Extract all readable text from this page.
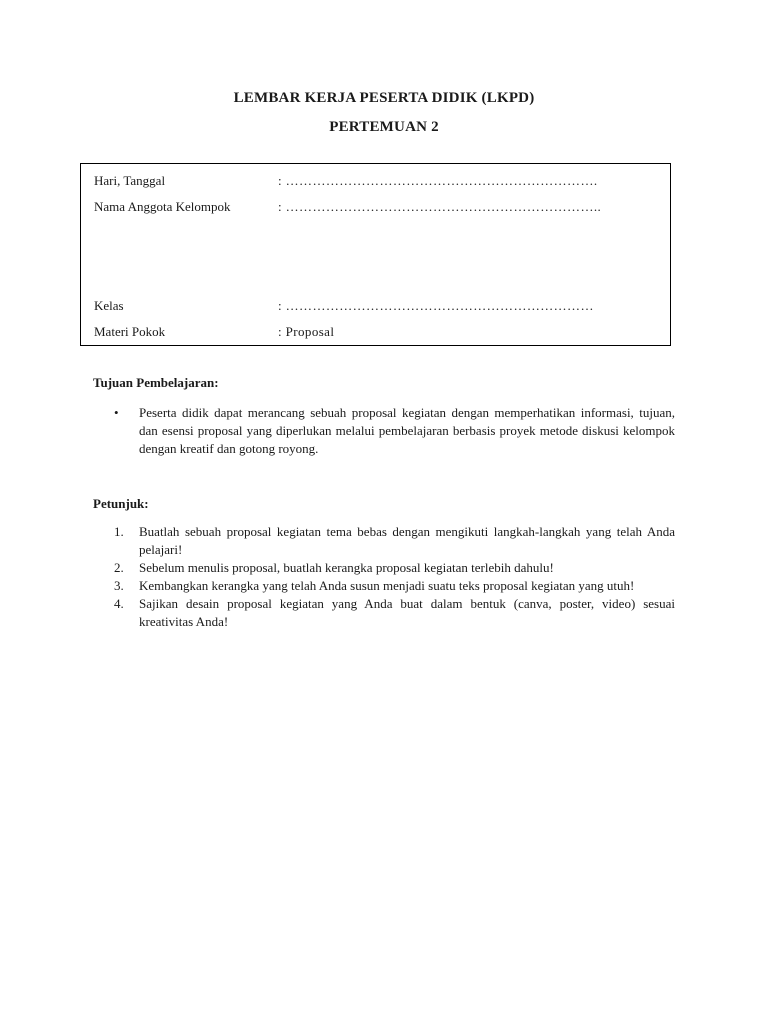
LEMBAR KERJA PESERTA DIDIK (LKPD)
PERTEMUAN 2
Hari, Tanggal	: …………………………………………………………….
Nama Anggota Kelompok	: ……………………………………………………………..
Kelas	: ……………………………………………………………
Materi Pokok	: Proposal
Tujuan Pembelajaran:
• Peserta didik dapat merancang sebuah proposal kegiatan dengan memperhatikan informasi, tujuan, dan esensi proposal yang diperlukan melalui pembelajaran berbasis proyek metode diskusi kelompok dengan kreatif dan gotong royong.
Petunjuk:
1. Buatlah sebuah proposal kegiatan tema bebas dengan mengikuti langkah-langkah yang telah Anda pelajari!
2. Sebelum menulis proposal, buatlah kerangka proposal kegiatan terlebih dahulu!
3. Kembangkan kerangka yang telah Anda susun menjadi suatu teks proposal kegiatan yang utuh!
4. Sajikan desain proposal kegiatan yang Anda buat dalam bentuk (canva, poster, video) sesuai kreativitas Anda!
